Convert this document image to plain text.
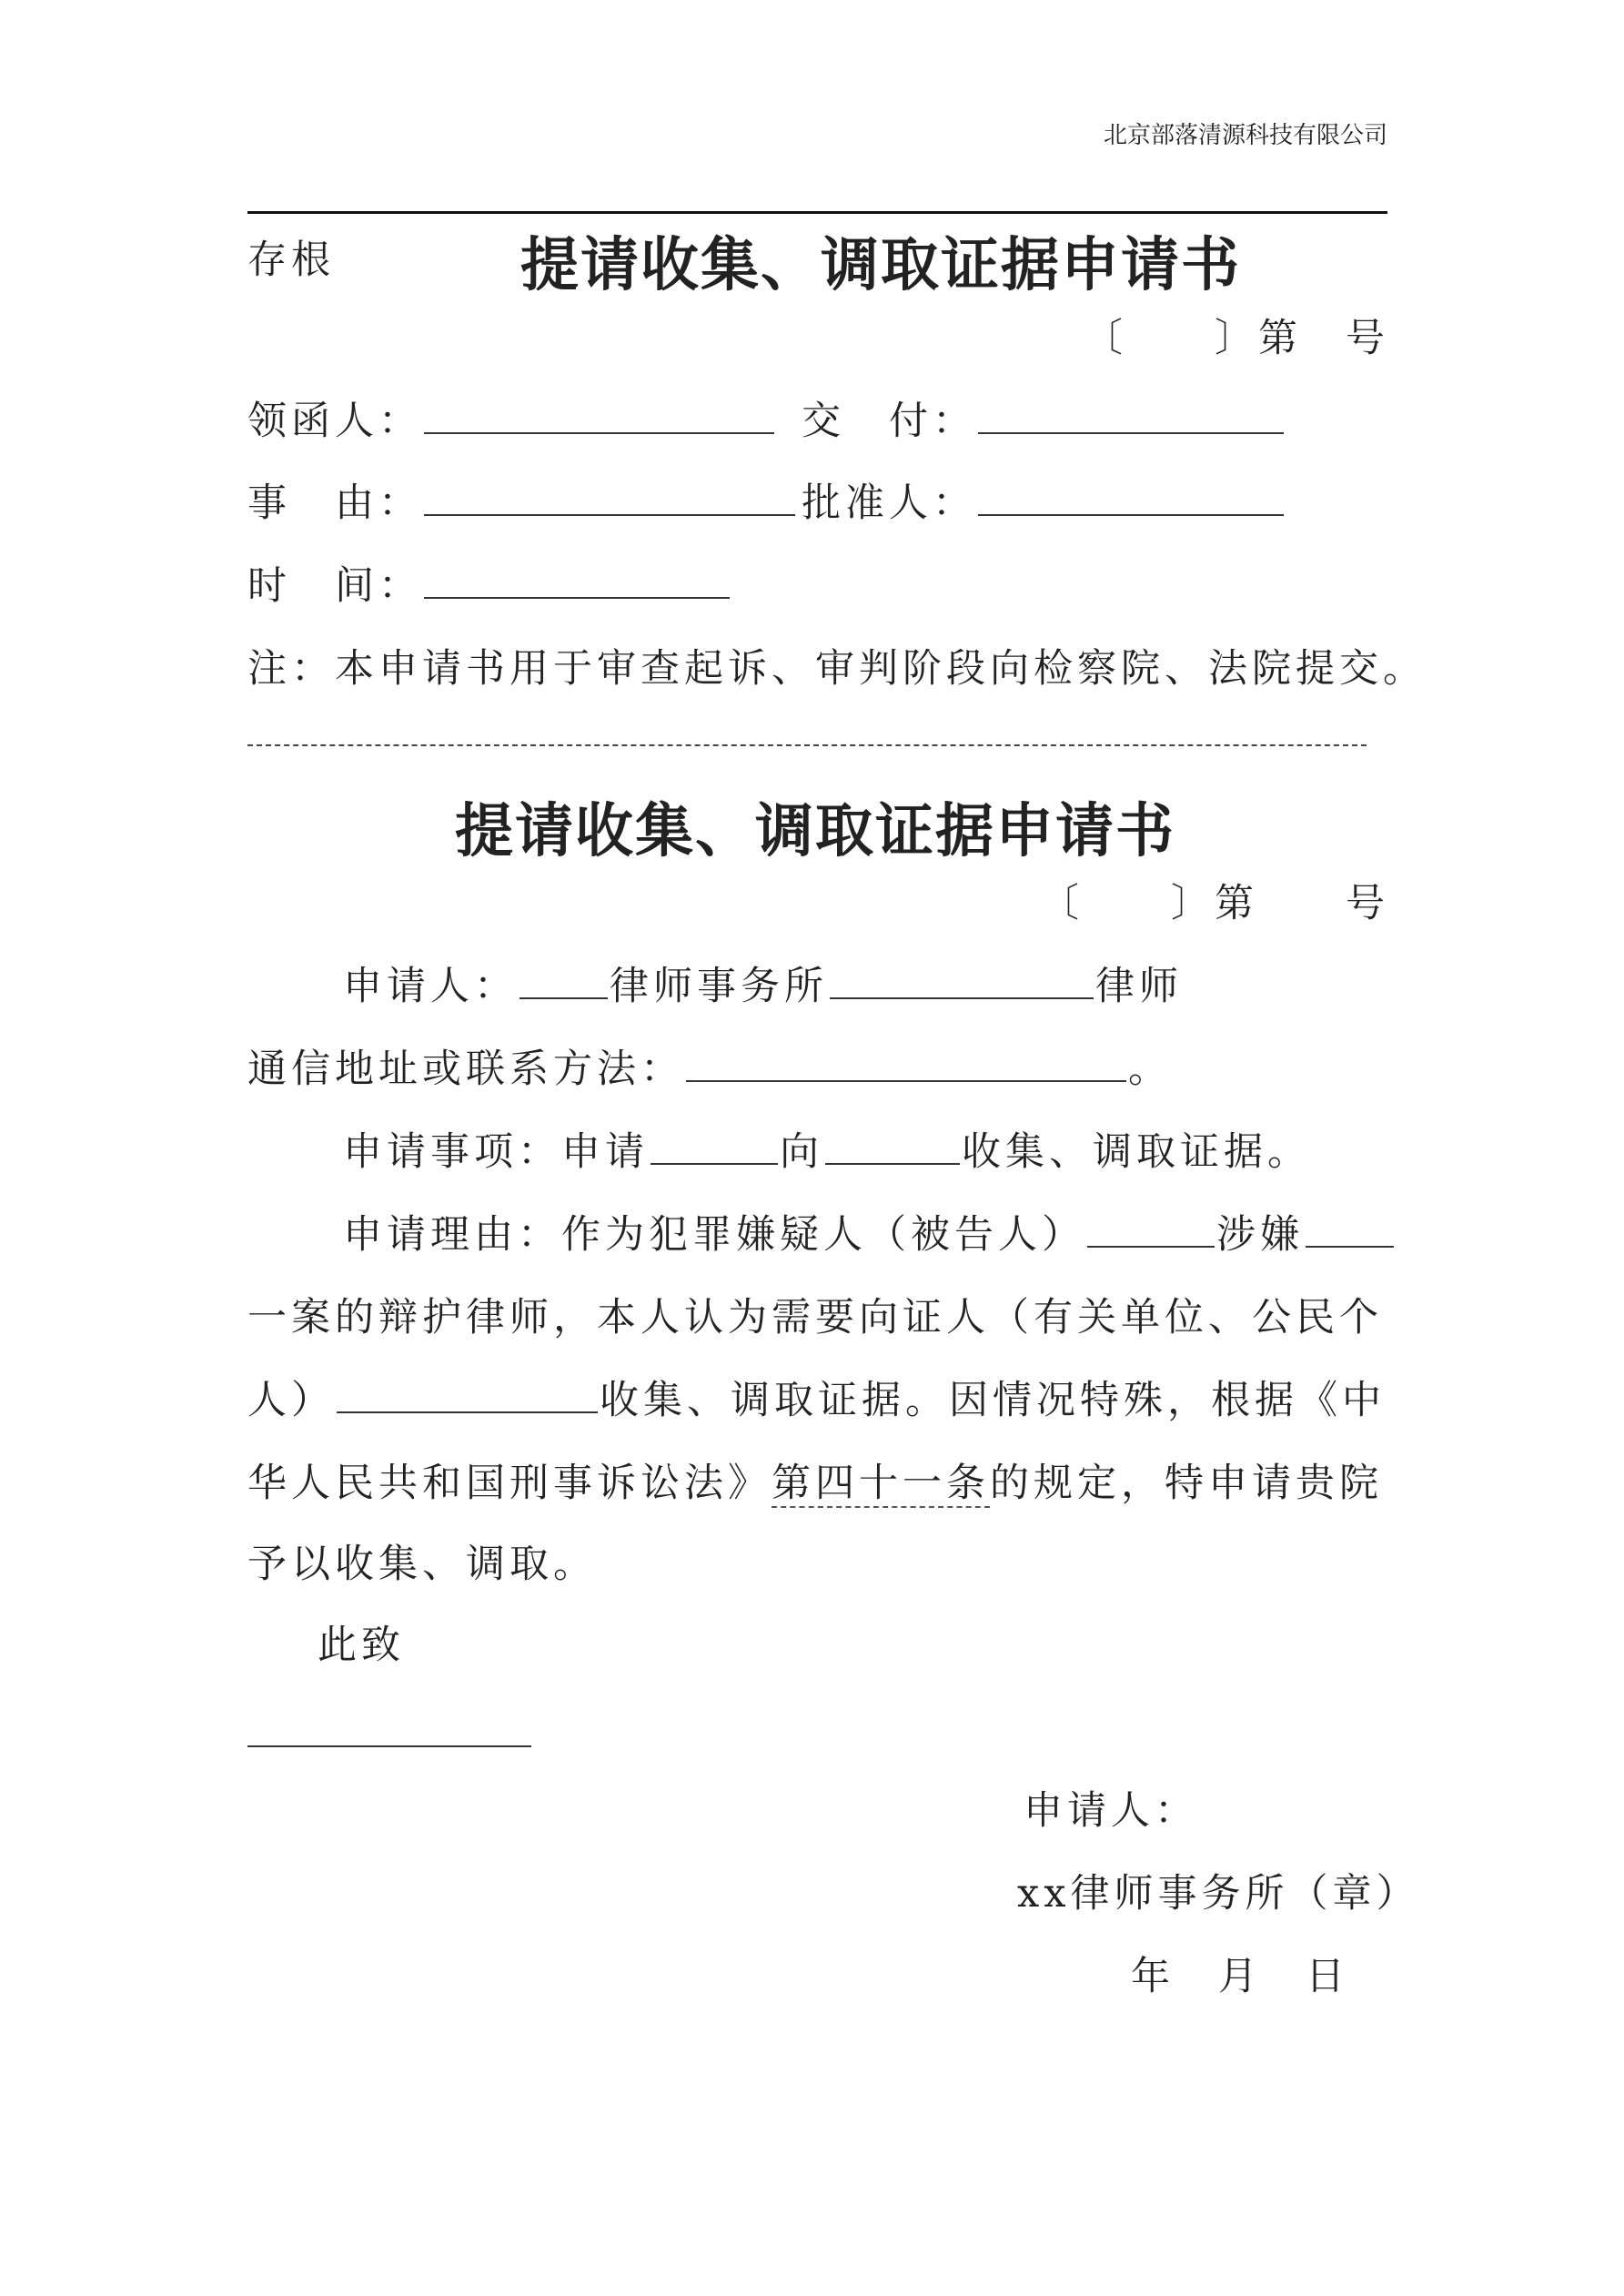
北京部落清源科技有限公司
存根	提请收集、调取证据申请书
〔　　〕第　号
领函人：	交　付：
事　由：	批准人：
时　间：
注：本申请书用于审查起诉、审判阶段向检察院、法院提交。
提请收集、调取证据申请书
〔　　〕第　　号
申请人： 律师事务所	律师
通信地址或联系方法：	。
申请事项：申请	向	收集、调取证据。
申请理由：作为犯罪嫌疑人（被告人）	涉嫌
一案的辩护律师，本人认为需要向证人（有关单位、公民个
人）	收集、调取证据。因情况特殊，根据《中
华人民共和国刑事诉讼法》第四十一条的规定，特申请贵院
予以收集、调取。
此致
申请人：
xx律师事务所（章）
年　月　日
